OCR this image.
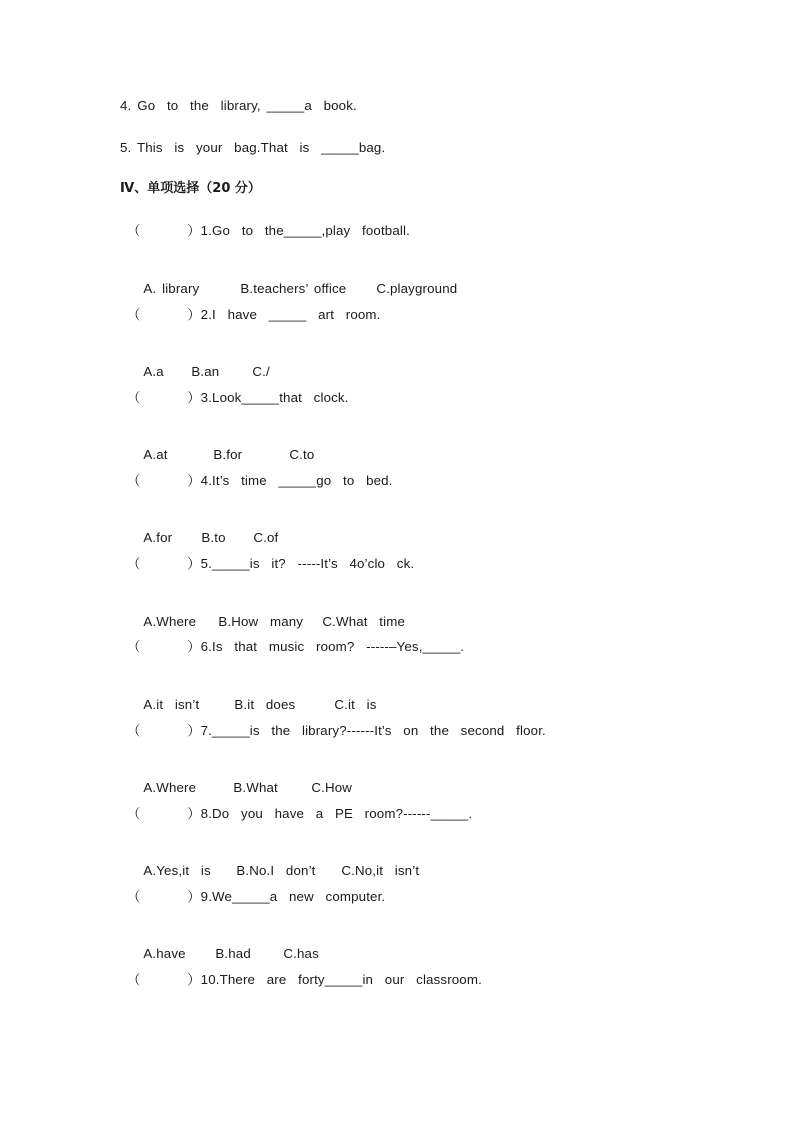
4. Go  to  the  library, _____a  book.
5. This  is  your  bag.That  is  _____bag.
Ⅳ、单项选择（20 分）
（        ）1.Go  to  the_____,play  football.

A. library	B.teachers’ office C.playground

（        ）2.I  have  _____  art  room.

A.a B.an C./

（        ）3.Look_____that  clock.

A.at	B.for	C.to

（        ）4.It’s  time  _____go  to  bed.

A.for B.to C.of

（        ）5._____is  it?  -----It’s  4o’clo  ck.

A.Where B.How  many C.What  time

（        ）6.Is  that  music  room?  -----–Yes,_____.

A.it  isn’t	B.it  does	C.it  is

（        ）7._____is  the  library?------It’s  on  the  second  floor.

A.Where	B.What	C.How

（        ）8.Do  you  have  a  PE  room?------_____.

A.Yes,it  is B.No.I  don’t C.No,it  isn’t

（        ）9.We_____a  new  computer.

A.have B.had C.has

（        ）10.There  are  forty_____in  our  classroom.
